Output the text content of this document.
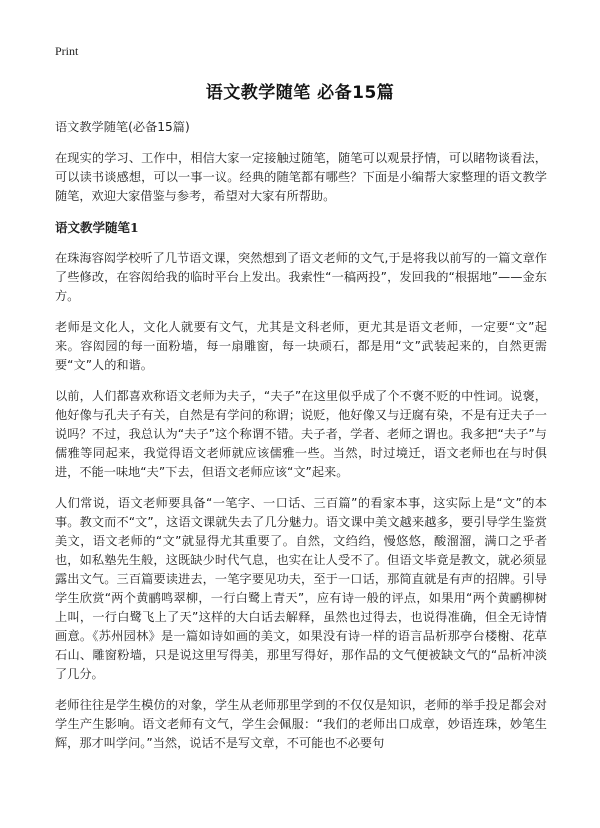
Print
语文教学随笔 必备15篇

语文教学随笔(必备15篇)

在现实的学习、工作中，相信大家一定接触过随笔，随笔可以观景抒情，可以睹物谈看法，可以读书谈感想，可以一事一议。经典的随笔都有哪些？下面是小编帮大家整理的语文教学随笔，欢迎大家借鉴与参考，希望对大家有所帮助。

语文教学随笔1

在珠海容闳学校听了几节语文课，突然想到了语文老师的文气,于是将我以前写的一篇文章作了些修改，在容闳给我的临时平台上发出。我索性“一稿两投”，发回我的“根据地”——金东方。

老师是文化人，文化人就要有文气，尤其是文科老师，更尤其是语文老师，一定要“文”起来。容闳园的每一面粉墙，每一扇雕窗，每一块顽石，都是用“文”武装起来的，自然更需要“文”人的和谐。

以前，人们都喜欢称语文老师为夫子，“夫子”在这里似乎成了个不褒不贬的中性词。说褒，他好像与孔夫子有关，自然是有学问的称谓；说贬，他好像又与迂腐有染，不是有迂夫子一说吗？不过，我总认为“夫子”这个称谓不错。夫子者，学者、老师之谓也。我多把“夫子”与儒雅等同起来，我觉得语文老师就应该儒雅一些。当然，时过境迁，语文老师也在与时俱进，不能一味地“夫”下去，但语文老师应该“文”起来。

人们常说，语文老师要具备“一笔字、一口话、三百篇”的看家本事，这实际上是“文”的本事。教文而不“文”，这语文课就失去了几分魅力。语文课中美文越来越多，要引导学生鉴赏美文，语文老师的“文”就显得尤其重要了。自然，文绉绉，慢悠悠，酸溜溜，满口之乎者也，如私塾先生般，这既缺少时代气息，也实在让人受不了。但语文毕竟是教文，就必须显露出文气。三百篇要读进去，一笔字要见功夫，至于一口话，那简直就是有声的招牌。引导学生欣赏“两个黄鹂鸣翠柳，一行白鹭上青天”，应有诗一般的评点，如果用“两个黄鹂柳树上叫，一行白鹭飞上了天”这样的大白话去解释，虽然也过得去，也说得准确，但全无诗情画意。《苏州园林》是一篇如诗如画的美文，如果没有诗一样的语言品析那亭台楼榭、花草石山、雕窗粉墙，只是说这里写得美，那里写得好，那作品的文气便被缺文气的“品析冲淡了几分。

老师往往是学生模仿的对象，学生从老师那里学到的不仅仅是知识，老师的举手投足都会对学生产生影响。语文老师有文气，学生会佩服：“我们的老师出口成章，妙语连珠，妙笔生辉，那才叫学问。”当然，说话不是写文章，不可能也不必要句
